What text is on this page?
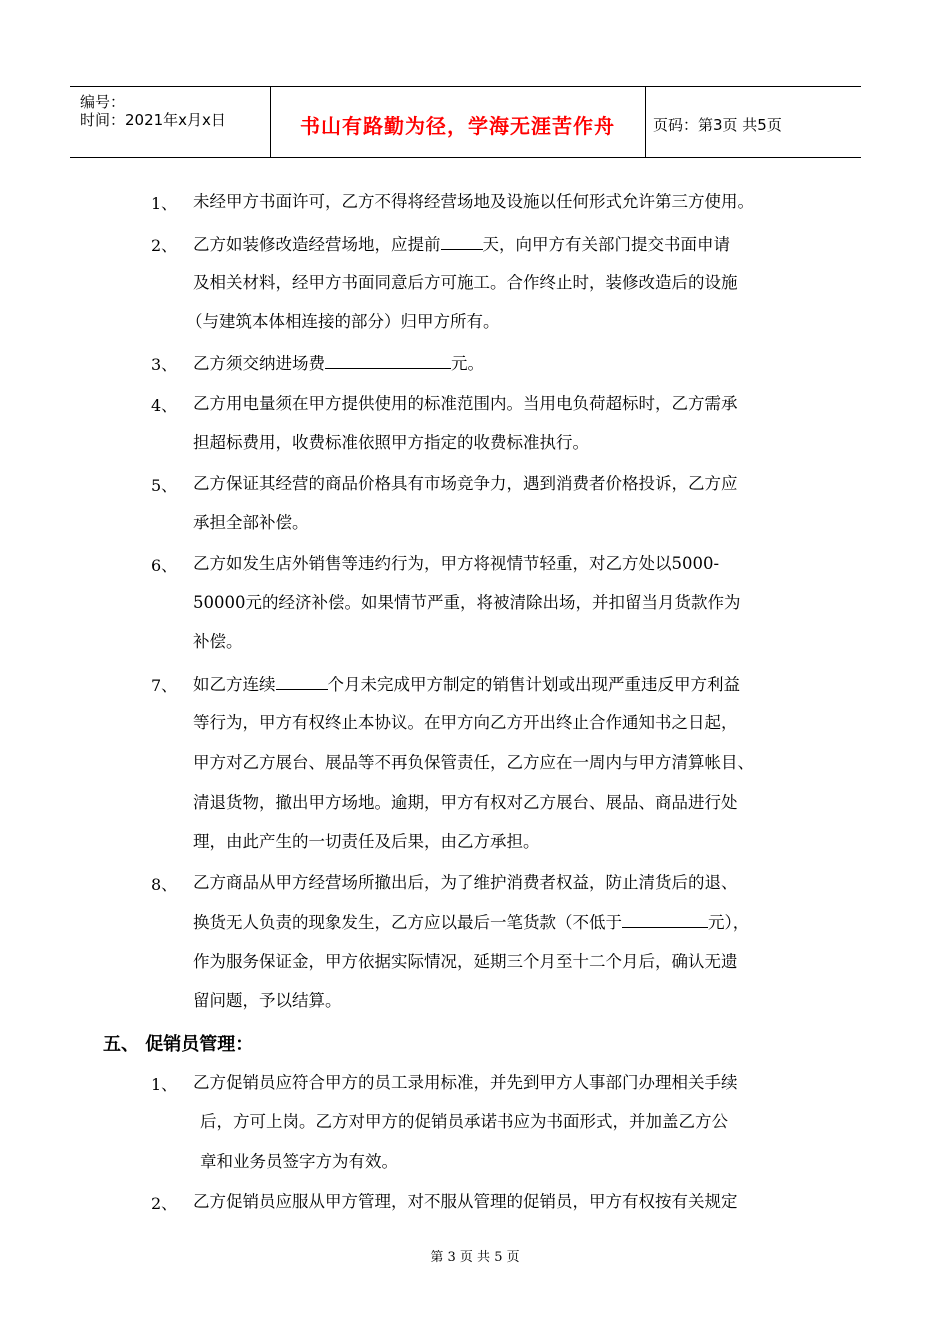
编号：
时间：2021年x月x日	书山有路勤为径，学海无涯苦作舟	页码：第3页 共5页
1、 未经甲方书面许可，乙方不得将经营场地及设施以任何形式允许第三方使用。
2、 乙方如装修改造经营场地，应提前	天，向甲方有关部门提交书面申请
及相关材料，经甲方书面同意后方可施工。合作终止时，装修改造后的设施
（与建筑本体相连接的部分）归甲方所有。
3、 乙方须交纳进场费	元。
4、 乙方用电量须在甲方提供使用的标准范围内。当用电负荷超标时，乙方需承
担超标费用，收费标准依照甲方指定的收费标准执行。
5、 乙方保证其经营的商品价格具有市场竞争力，遇到消费者价格投诉，乙方应
承担全部补偿。
6、 乙方如发生店外销售等违约行为，甲方将视情节轻重，对乙方处以5000-
50000元的经济补偿。如果情节严重，将被清除出场，并扣留当月货款作为
补偿。
7、 如乙方连续	个月未完成甲方制定的销售计划或出现严重违反甲方利益
等行为，甲方有权终止本协议。在甲方向乙方开出终止合作通知书之日起，
甲方对乙方展台、展品等不再负保管责任，乙方应在一周内与甲方清算帐目、
清退货物，撤出甲方场地。逾期，甲方有权对乙方展台、展品、商品进行处
理，由此产生的一切责任及后果，由乙方承担。
8、 乙方商品从甲方经营场所撤出后，为了维护消费者权益，防止清货后的退、
换货无人负责的现象发生，乙方应以最后一笔货款（不低于	元），
作为服务保证金，甲方依据实际情况，延期三个月至十二个月后，确认无遗
留问题，予以结算。
五、 促销员管理：
1、 乙方促销员应符合甲方的员工录用标准，并先到甲方人事部门办理相关手续
后，方可上岗。乙方对甲方的促销员承诺书应为书面形式，并加盖乙方公
章和业务员签字方为有效。
2、 乙方促销员应服从甲方管理，对不服从管理的促销员，甲方有权按有关规定
第 3 页 共 5 页
